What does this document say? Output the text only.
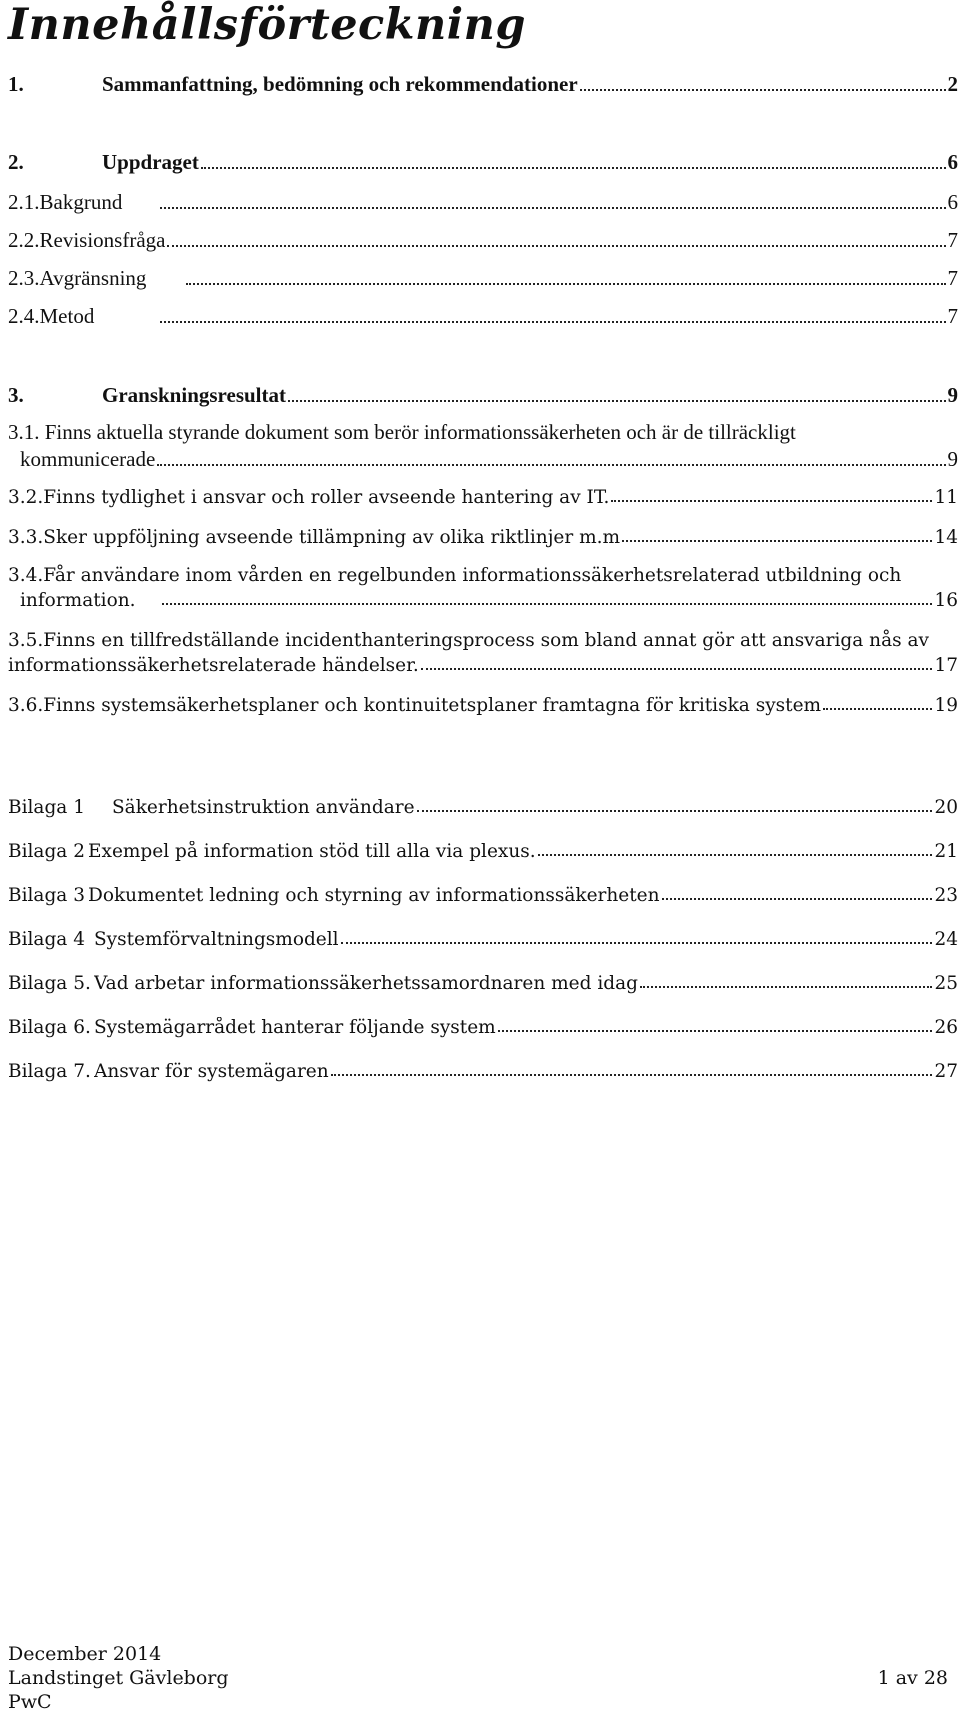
Innehållsförteckning
1.	Sammanfattning, bedömning och rekommendationer	2
2.	Uppdraget	6
2.1.Bakgrund	6
2.2.Revisionsfråga	7
2.3.Avgränsning	7
2.4.Metod	7
3.	Granskningsresultat	9
3.1. Finns aktuella styrande dokument som berör informationssäkerheten och är de tillräckligt
kommunicerade	9
3.2.Finns tydlighet i ansvar och roller avseende hantering av IT.	11
3.3.Sker uppföljning avseende tillämpning av olika riktlinjer m.m	14
3.4.Får användare inom vården en regelbunden informationssäkerhetsrelaterad utbildning och
information.	16
3.5.Finns en tillfredställande incidenthanteringsprocess som bland annat gör att ansvariga nås av
informationssäkerhetsrelaterade händelser.	17
3.6.Finns systemsäkerhetsplaner och kontinuitetsplaner framtagna för kritiska system	19
Bilaga 1	Säkerhetsinstruktion användare	20
Bilaga 2 Exempel på information stöd till alla via plexus.	21
Bilaga 3 Dokumentet ledning och styrning av informationssäkerheten	23
Bilaga 4 Systemförvaltningsmodell	24
Bilaga 5. Vad arbetar informationssäkerhetssamordnaren med idag	25
Bilaga 6. Systemägarrådet hanterar följande system	26
Bilaga 7. Ansvar för systemägaren	27
December 2014
Landstinget Gävleborg	1 av 28
PwC
